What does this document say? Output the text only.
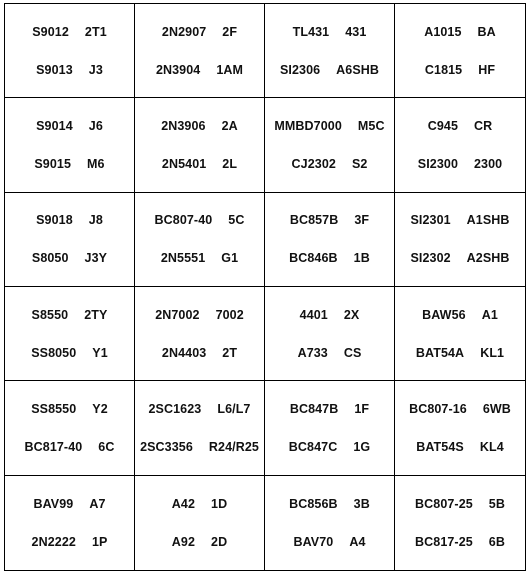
S9012 2T1
S9013 J3
2N2907 2F
2N3904 1AM
TL431 431
SI2306 A6SHB
A1015 BA
C1815 HF
S9014 J6
S9015 M6
2N3906 2A
2N5401 2L
MMBD7000 M5C
CJ2302 S2
C945 CR
SI2300 2300
S9018 J8
S8050 J3Y
BC807-40 5C
2N5551 G1
BC857B 3F
BC846B 1B
SI2301 A1SHB
SI2302 A2SHB
S8550 2TY
SS8050 Y1
2N7002 7002
2N4403 2T
4401 2X
A733 CS
BAW56 A1
BAT54A KL1
SS8550 Y2
BC817-40 6C
2SC1623 L6/L7
2SC3356 R24/R25
BC847B 1F
BC847C 1G
BC807-16 6WB
BAT54S KL4
BAV99 A7
2N2222 1P
A42 1D
A92 2D
BC856B 3B
BAV70 A4
BC807-25 5B
BC817-25 6B
